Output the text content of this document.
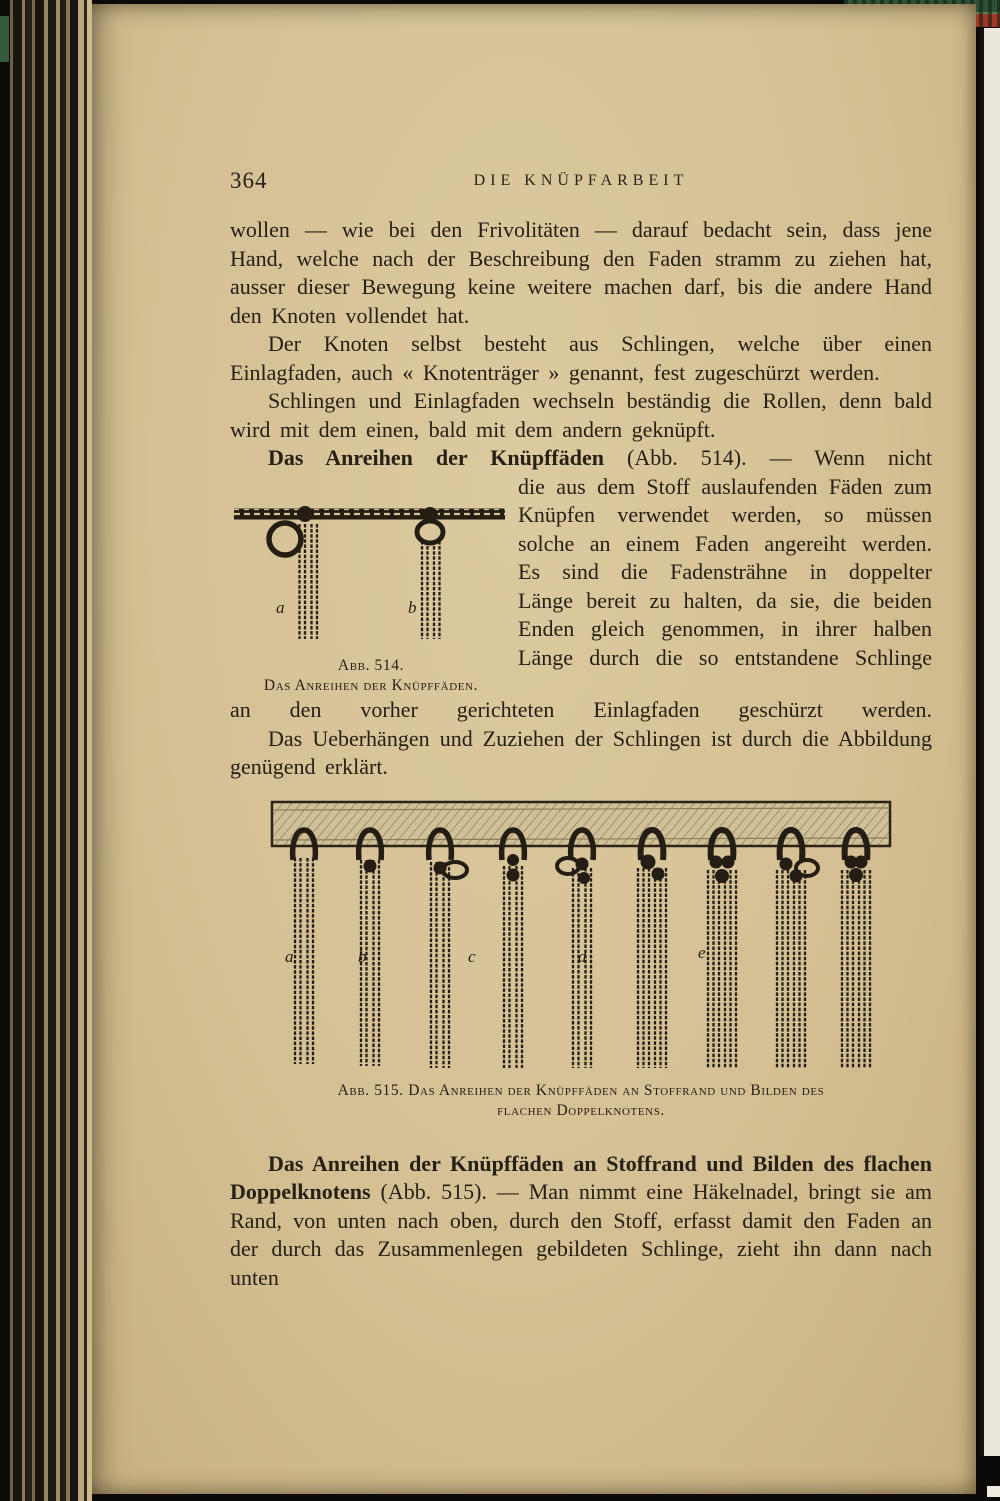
364	DIE KNÜPFARBEIT

wollen — wie bei den Frivolitäten — darauf bedacht sein, dass jene Hand, welche nach der Beschreibung den Faden stramm zu ziehen hat, ausser dieser Bewegung keine weitere machen darf, bis die andere Hand den Knoten vollendet hat.

Der Knoten selbst besteht aus Schlingen, welche über einen Einlagfaden, auch « Knotenträger » genannt, fest zugeschürzt werden.

Schlingen und Einlagfaden wechseln beständig die Rollen, denn bald wird mit dem einen, bald mit dem andern geknüpft.

Das Anreihen der Knüpffäden (Abb. 514). — Wenn nicht

a	b
Abb. 514.
Das Anreihen der Knüpffäden.

die aus dem Stoff auslaufenden Fäden zum Knüpfen verwendet werden, so müssen solche an einem Faden angereiht werden. Es sind die Fadensträhne in doppelter Länge bereit zu halten, da sie, die beiden Enden gleich genommen, in ihrer halben Länge durch die so entstandene Schlinge

an den vorher gerichteten Einlagfaden geschürzt werden.

Das Ueberhängen und Zuziehen der Schlingen ist durch die Abbildung genügend erklärt.

a	b	c	d	e
Abb. 515. Das Anreihen der Knüpffäden an Stoffrand und Bilden des
flachen Doppelknotens.

Das Anreihen der Knüpffäden an Stoffrand und Bilden des flachen Doppelknotens (Abb. 515). — Man nimmt eine Häkelnadel, bringt sie am Rand, von unten nach oben, durch den Stoff, erfasst damit den Faden an der durch das Zusammenlegen gebildeten Schlinge, zieht ihn dann nach unten
